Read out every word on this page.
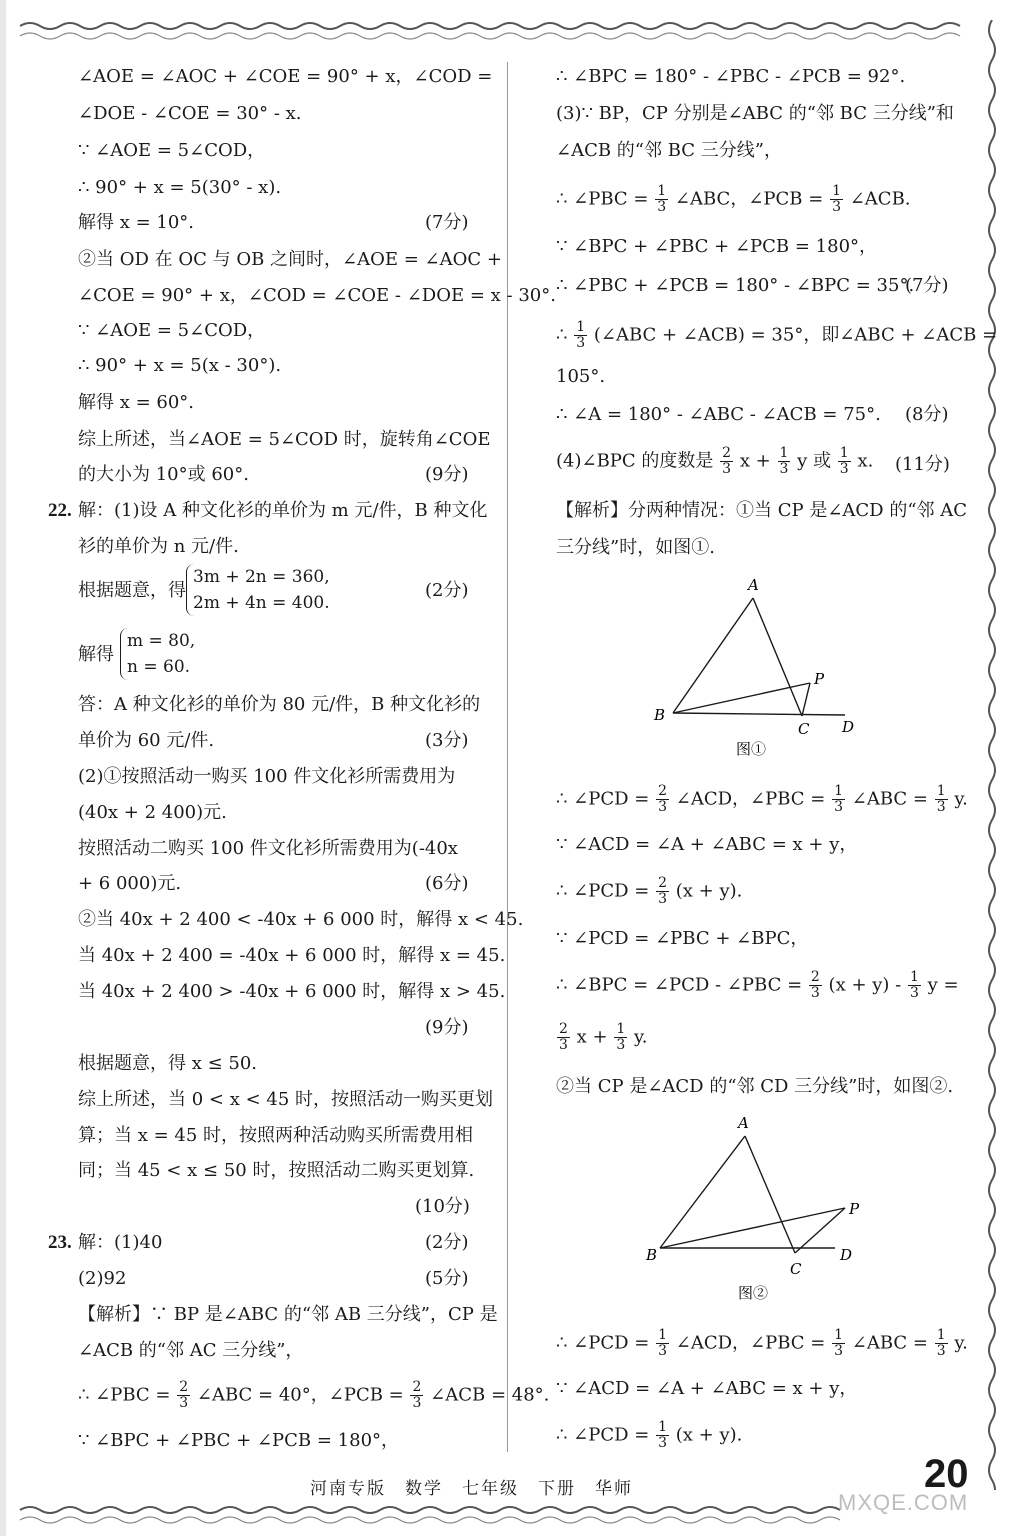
∠AOE = ∠AOC + ∠COE = 90° + x，∠COD =
∠DOE - ∠COE = 30° - x.
∵ ∠AOE = 5∠COD，
∴ 90° + x = 5(30° - x).
解得 x = 10°.	(7分)
②当 OD 在 OC 与 OB 之间时，∠AOE = ∠AOC +
∠COE = 90° + x，∠COD = ∠COE - ∠DOE = x - 30°.
∵ ∠AOE = 5∠COD，
∴ 90° + x = 5(x - 30°).
解得 x = 60°.
综上所述，当∠AOE = 5∠COD 时，旋转角∠COE
的大小为 10°或 60°.	(9分)
22. 解：(1)设 A 种文化衫的单价为 m 元/件，B 种文化
衫的单价为 n 元/件.
根据题意，得
3m + 2n = 360,
2m + 4n = 400.
(2分)
解得
m = 80,
n = 60.
答：A 种文化衫的单价为 80 元/件，B 种文化衫的
单价为 60 元/件.	(3分)
(2)①按照活动一购买 100 件文化衫所需费用为
(40x + 2 400)元.
按照活动二购买 100 件文化衫所需费用为(-40x
+ 6 000)元.	(6分)
②当 40x + 2 400 < -40x + 6 000 时，解得 x < 45.
当 40x + 2 400 = -40x + 6 000 时，解得 x = 45.
当 40x + 2 400 > -40x + 6 000 时，解得 x > 45.
(9分)
根据题意，得 x ≤ 50.
综上所述，当 0 < x < 45 时，按照活动一购买更划
算；当 x = 45 时，按照两种活动购买所需费用相
同；当 45 < x ≤ 50 时，按照活动二购买更划算.
(10分)
23. 解：(1)40	(2分)
(2)92	(5分)
【解析】∵ BP 是∠ABC 的“邻 AB 三分线”，CP 是
∠ACB 的“邻 AC 三分线”，
∴ ∠PBC = $\frac{2}{3}$ ∠ABC = 40°，∠PCB = $\frac{2}{3}$ ∠ACB = 48°.
∵ ∠BPC + ∠PBC + ∠PCB = 180°，
∴ ∠BPC = 180° - ∠PBC - ∠PCB = 92°.
(3)∵ BP，CP 分别是∠ABC 的“邻 BC 三分线”和
∠ACB 的“邻 BC 三分线”，
∴ ∠PBC = $\frac{1}{3}$ ∠ABC，∠PCB = $\frac{1}{3}$ ∠ACB.
∵ ∠BPC + ∠PBC + ∠PCB = 180°，
∴ ∠PBC + ∠PCB = 180° - ∠BPC = 35°.
(7分)
∴ $\frac{1}{3}$ (∠ABC + ∠ACB) = 35°，即∠ABC + ∠ACB =
105°.
∴ ∠A = 180° - ∠ABC - ∠ACB = 75°. (8分)
(4)∠BPC 的度数是 $\frac{2}{3}$ $x + \frac{1}{3}$ y 或 $\frac{1}{3} x$. (11分)
【解析】分两种情况：①当 CP 是∠ACD 的“邻 AC
三分线”时，如图①.
A
B
C D
P
图①
∴ ∠PCD = $\frac{2}{3}$ ∠ACD，∠PBC = $\frac{1}{3}$ ∠ABC = $\frac{1}{3} y$.
∵ ∠ACD = ∠A + ∠ABC = x + y，
∴ ∠PCD = $\frac{2}{3} (x + y)$.
∵ ∠PCD = ∠PBC + ∠BPC，
∴ ∠BPC = ∠PCD - ∠PBC = $\frac{2}{3} (x + y) - \frac{1}{3}$ y =
$\frac{2}{3}$ $x + \frac{1}{3} y$.
②当 CP 是∠ACD 的“邻 CD 三分线”时，如图②.
A
B
C
D
P
图②
∴ ∠PCD = $\frac{1}{3}$ ∠ACD，∠PBC = $\frac{1}{3}$ ∠ABC = $\frac{1}{3} y$.
∵ ∠ACD = ∠A + ∠ABC = x + y，
∴ ∠PCD = $\frac{1}{3} (x + y)$.
河南专版　数学　七年级　下册　华师	20
MXQE.COM
